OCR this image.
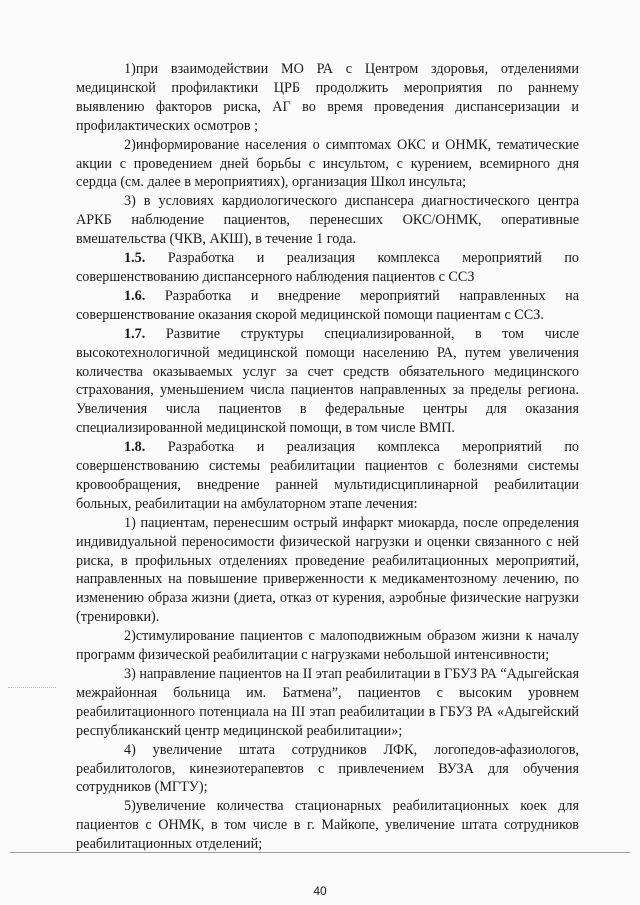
1)при взаимодействии МО РА с Центром здоровья, отделениями медицинской профилактики ЦРБ продолжить мероприятия по раннему выявлению факторов риска, АГ во время проведения диспансеризации и профилактических осмотров ;

2)информирование населения о симптомах ОКС и ОНМК, тематические акции с проведением дней борьбы с инсультом, с курением, всемирного дня сердца (см. далее в мероприятиях), организация Школ инсульта;

3) в условиях кардиологического диспансера диагностического центра АРКБ наблюдение пациентов, перенесших ОКС/ОНМК, оперативные вмешательства (ЧКВ, АКШ), в течение 1 года.

1.5. Разработка и реализация комплекса мероприятий по совершенствованию диспансерного наблюдения пациентов с ССЗ

1.6. Разработка и внедрение мероприятий направленных на совершенствование оказания скорой медицинской помощи пациентам с ССЗ.

1.7. Развитие структуры специализированной, в том числе высокотехнологичной медицинской помощи населению РА, путем увеличения количества оказываемых услуг за счет средств обязательного медицинского страхования, уменьшением числа пациентов направленных за пределы региона. Увеличения числа пациентов в федеральные центры для оказания специализированной медицинской помощи, в том числе ВМП.

1.8. Разработка и реализация комплекса мероприятий по совершенствованию системы реабилитации пациентов с болезнями системы кровообращения, внедрение ранней мультидисциплинарной реабилитации больных, реабилитации на амбулаторном этапе лечения:

1) пациентам, перенесшим острый инфаркт миокарда, после определения индивидуальной переносимости физической нагрузки и оценки связанного с ней риска, в профильных отделениях проведение реабилитационных мероприятий, направленных на повышение приверженности к медикаментозному лечению, по изменению образа жизни (диета, отказ от курения, аэробные физические нагрузки (тренировки).

2)стимулирование пациентов с малоподвижным образом жизни к началу программ физической реабилитации с нагрузками небольшой интенсивности;

3) направление пациентов на II этап реабилитации в ГБУЗ РА “Адыгейская межрайонная больница им. Батмена”, пациентов с высоким уровнем реабилитационного потенциала на III этап реабилитации в ГБУЗ РА «Адыгейский республиканский центр медицинской реабилитации»;

4) увеличение штата сотрудников ЛФК, логопедов-афазиологов, реабилитологов, кинезиотерапевтов с привлечением ВУЗА для обучения сотрудников (МГТУ);

5)увеличение количества стационарных реабилитационных коек для пациентов с ОНМК, в том числе в г. Майкопе, увеличение штата сотрудников реабилитационных отделений;

40
